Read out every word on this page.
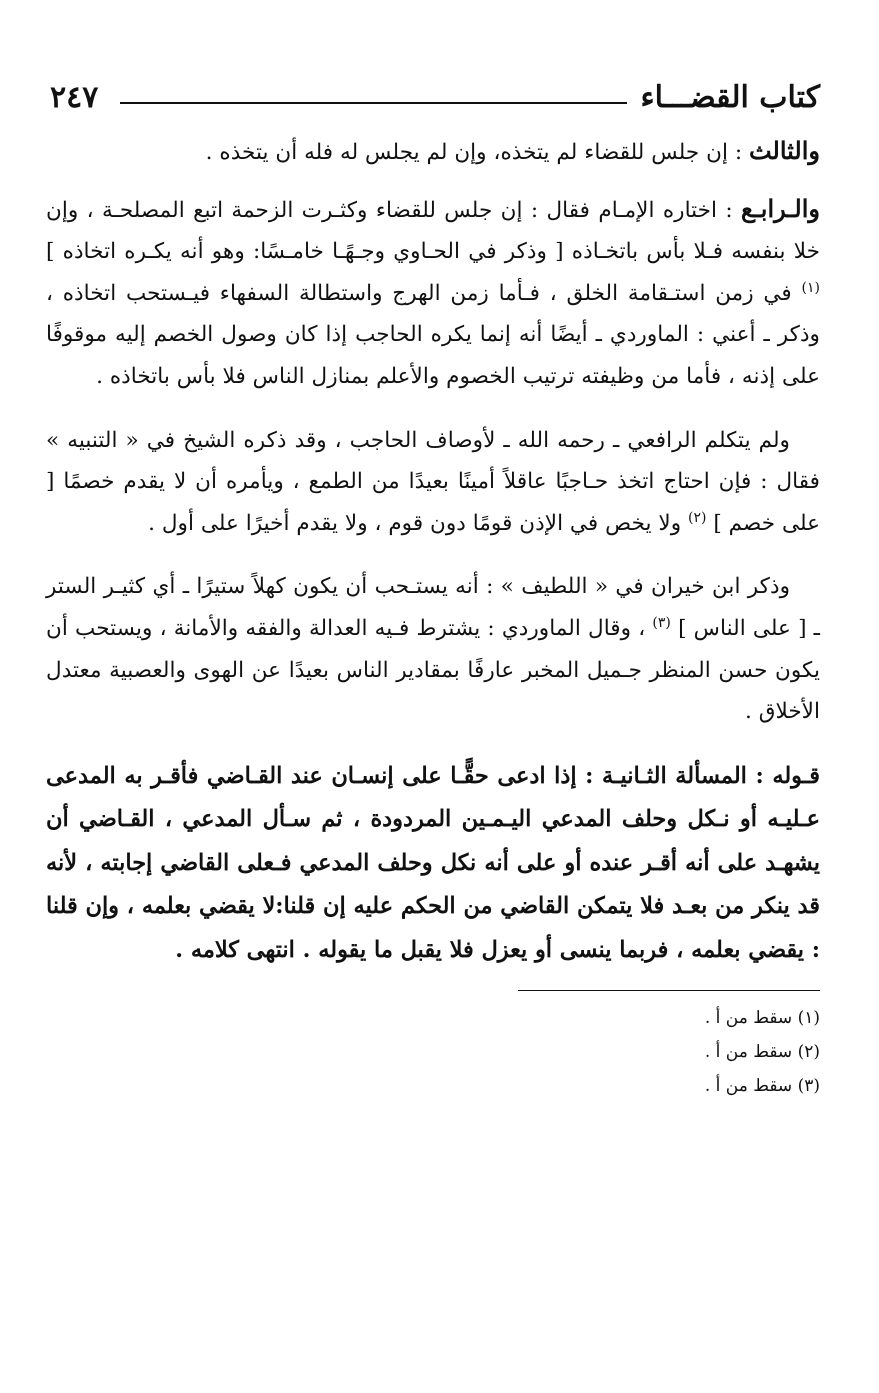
كتاب القضـــاء
٢٤٧

والثالث : إن جلس للقضاء لم يتخذه، وإن لم يجلس له فله أن يتخذه .

والـرابـع : اختاره الإمـام فقال : إن جلس للقضاء وكثـرت الزحمة اتبع المصلحـة ، وإن خلا بنفسه فـلا بأس باتخـاذه [ وذكر في الحـاوي وجـهًـا خامـسًا: وهو أنه يكـره اتخاذه ] $^{(١)}$ في زمن استـقامة الخلق ، فـأما زمن الهرج واستطالة السفهاء فيـستحب اتخاذه ، وذكر ـ أعني : الماوردي ـ أيضًا أنه إنما يكره الحاجب إذا كان وصول الخصم إليه موقوفًا على إذنه ، فأما من وظيفته ترتيب الخصوم والأعلم بمنازل الناس فلا بأس باتخاذه .

ولم يتكلم الرافعي ـ رحمه الله ـ لأوصاف الحاجب ، وقد ذكره الشيخ في « التنبيه » فقال : فإن احتاج اتخذ حـاجبًا عاقلاً أمينًا بعيدًا من الطمع ، ويأمره أن لا يقدم خصمًا [ على خصم ] $^{(٢)}$ ولا يخص في الإذن قومًا دون قوم ، ولا يقدم أخيرًا على أول .

وذكر ابن خيران في « اللطيف » : أنه يستـحب أن يكون كهلاً ستيرًا ـ أي كثيـر الستر ـ [ على الناس ] $^{(٣)}$ ، وقال الماوردي : يشترط فـيه العدالة والفقه والأمانة ، ويستحب أن يكون حسن المنظر جـميل المخبر عارفًا بمقادير الناس بعيدًا عن الهوى والعصبية معتدل الأخلاق .

قـوله : المسألة الثـانيـة : إذا ادعى حقًّـا على إنسـان عند القـاضي فأقـر به المدعى عـليـه أو نـكل وحلف المدعي اليـمـين المردودة ، ثم سـأل المدعي ، القـاضي أن يشهـد على أنه أقـر عنده أو على أنه نكل وحلف المدعي فـعلى القاضي إجابته ، لأنه قد ينكر من بعـد فلا يتمكن القاضي من الحكم عليه إن قلنا:لا يقضي بعلمه ، وإن قلنا : يقضي بعلمه ، فربما ينسى أو يعزل فلا يقبل ما يقوله . انتهى كلامه .

(١) سقط من أ .
(٢) سقط من أ .
(٣) سقط من أ .
